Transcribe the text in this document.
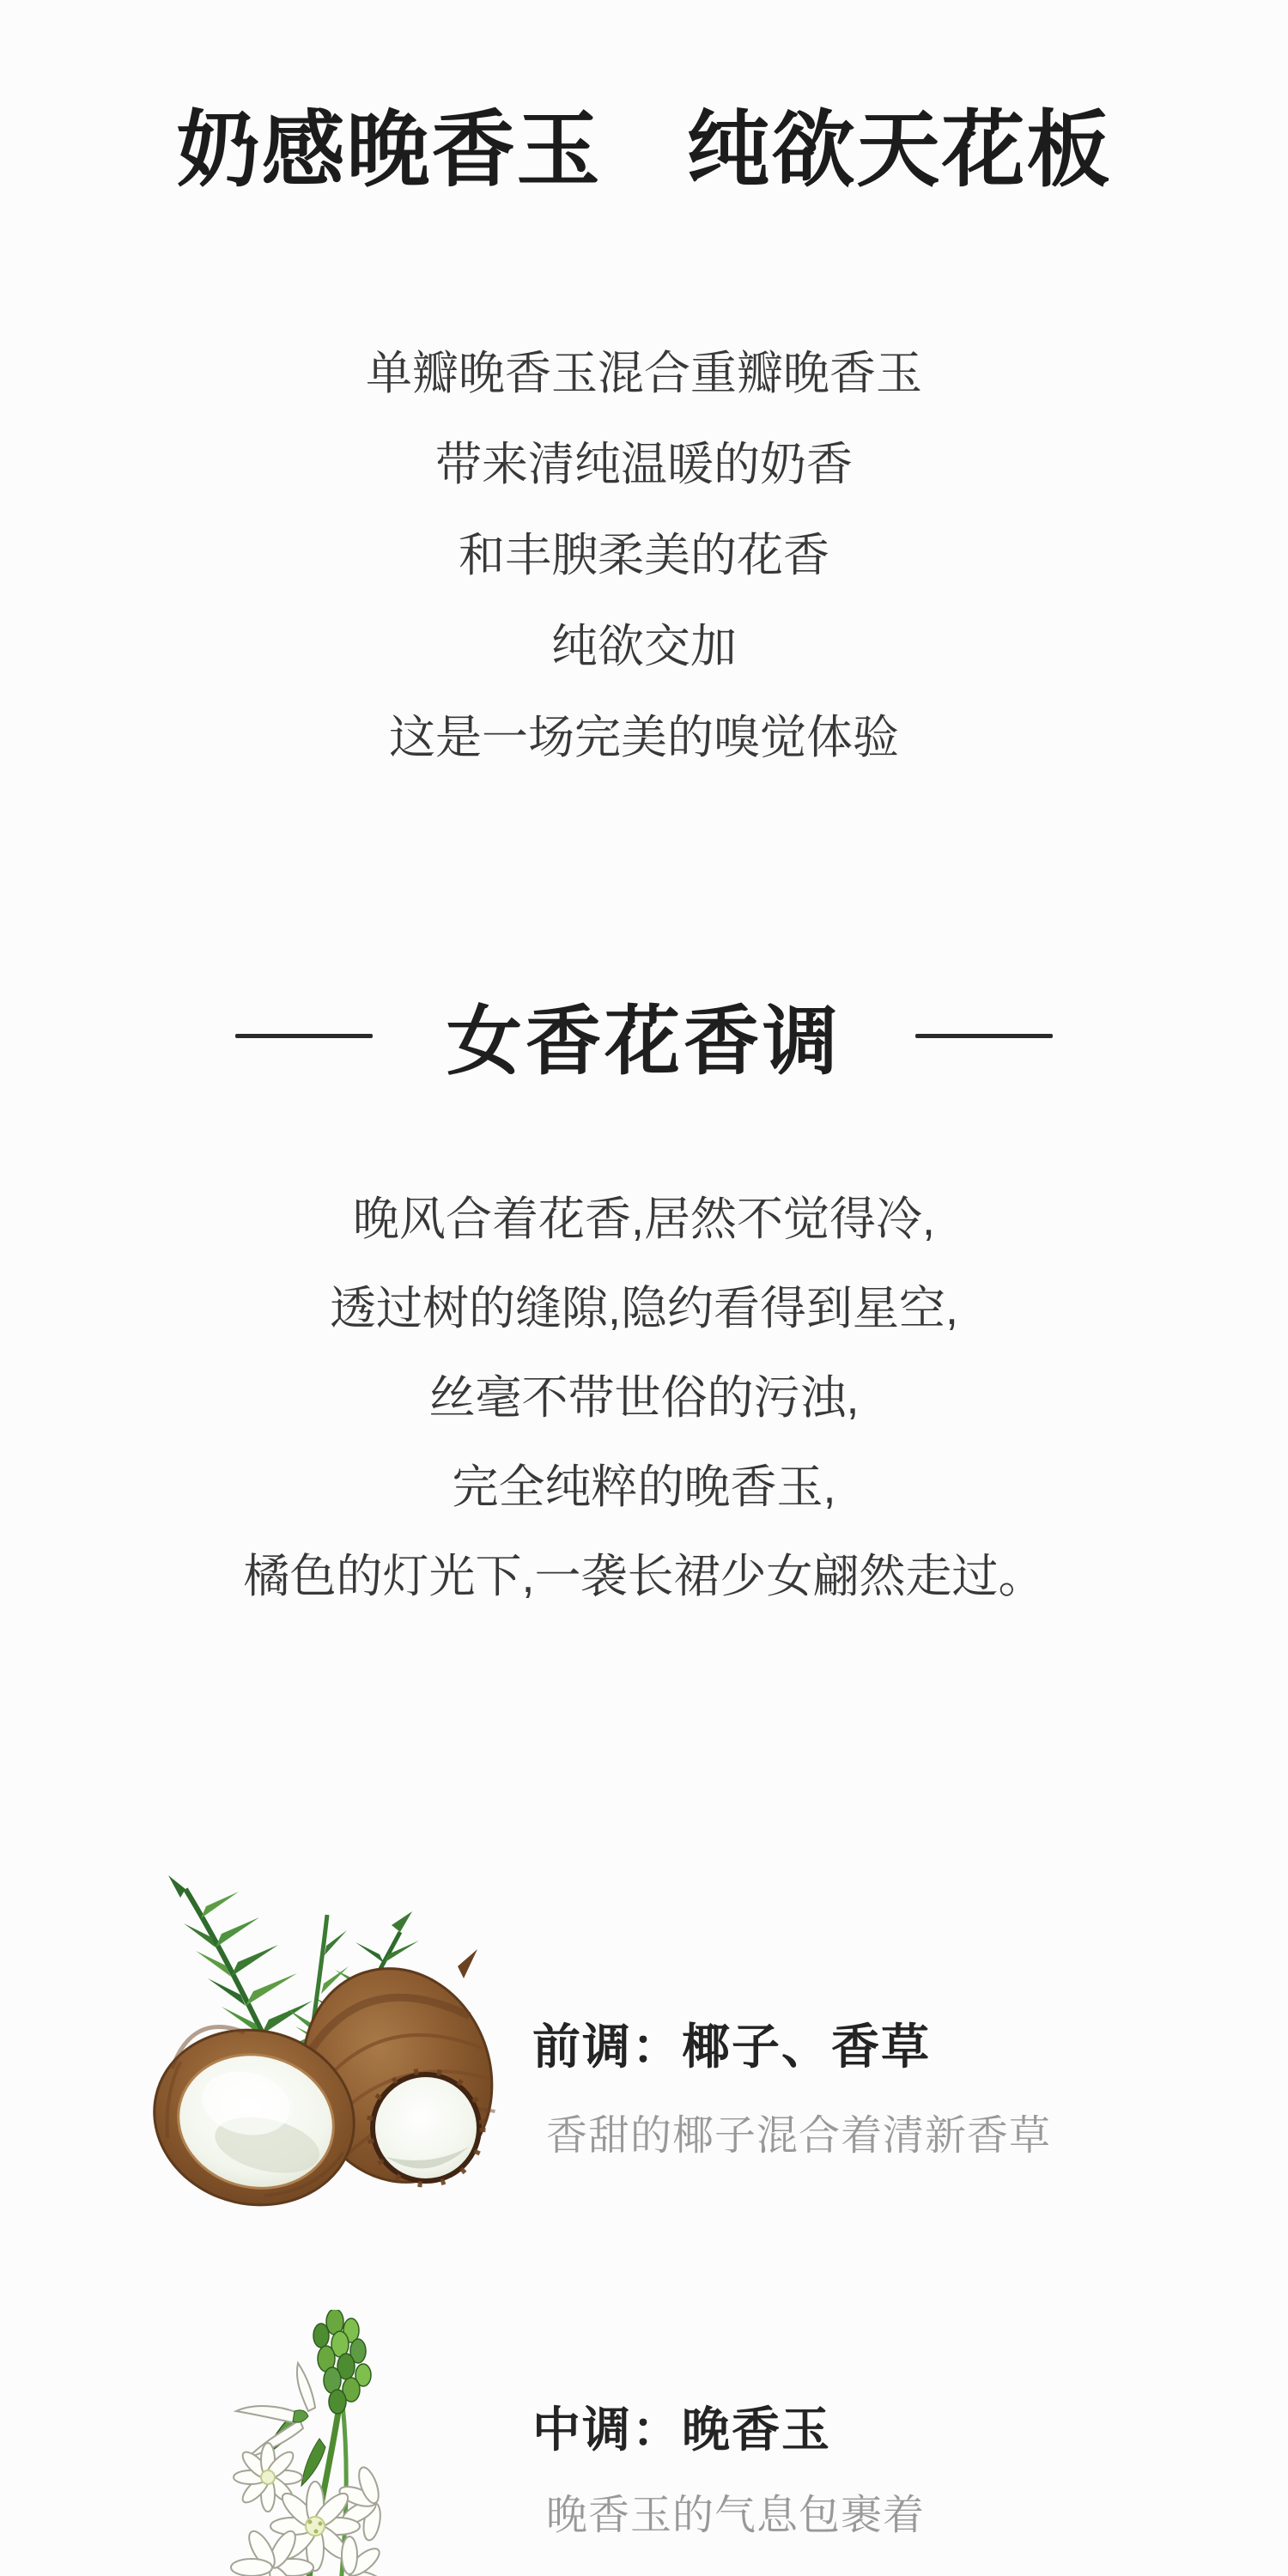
奶感晚香玉　纯欲天花板

单瓣晚香玉混合重瓣晚香玉

带来清纯温暖的奶香

和丰腴柔美的花香

纯欲交加

这是一场完美的嗅觉体验

女香花香调

晚风合着花香,居然不觉得冷,

透过树的缝隙,隐约看得到星空,

丝毫不带世俗的污浊,

完全纯粹的晚香玉,

橘色的灯光下,一袭长裙少女翩然走过。

前调：椰子、香草

香甜的椰子混合着清新香草

中调：晚香玉

晚香玉的气息包裹着
